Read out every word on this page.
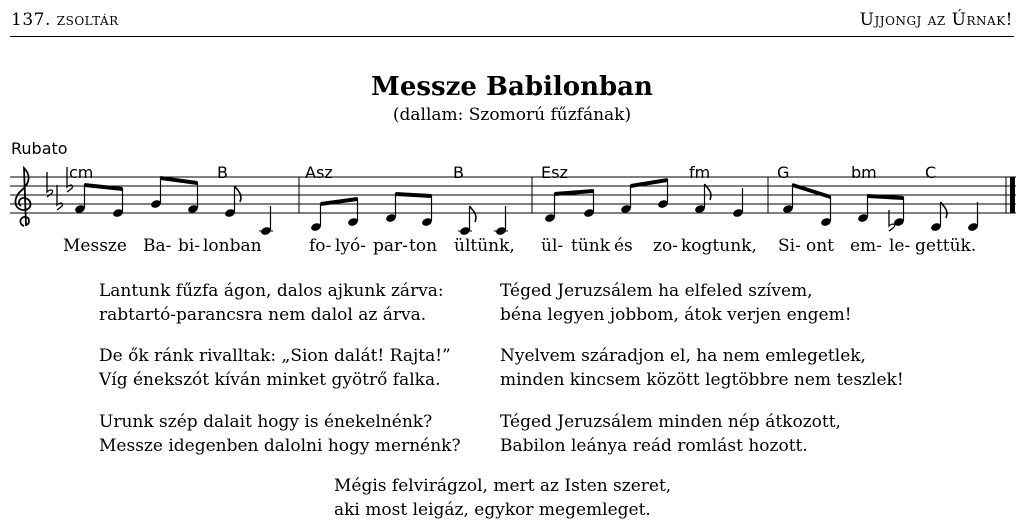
137. zsoltár	Ujjongj az Úrnak!
Messze Babilonban
(dallam: Szomorú fűzfának)
Rubato
cm	B	Asz	B	Esz	fm	G	bm	C
Messze Ba- bi- lonban	fo- lyó- par- ton ültünk, ül- tünk és zo- kogtunk, Si- ont em- le- gettük.
Lantunk fűzfa ágon, dalos ajkunk zárva:
rabtartó-parancsra nem dalol az árva.
De ők ránk rivalltak: „Sion dalát! Rajta!”
Víg énekszót kíván minket gyötrő falka.
Urunk szép dalait hogy is énekelnénk?
Messze idegenben dalolni hogy mernénk?
Téged Jeruzsálem ha elfeled szívem,
béna legyen jobbom, átok verjen engem!
Nyelvem száradjon el, ha nem emlegetlek,
minden kincsem között legtöbbre nem teszlek!
Téged Jeruzsálem minden nép átkozott,
Babilon leánya reád romlást hozott.
Mégis felvirágzol, mert az Isten szeret,
aki most leigáz, egykor megemleget.
